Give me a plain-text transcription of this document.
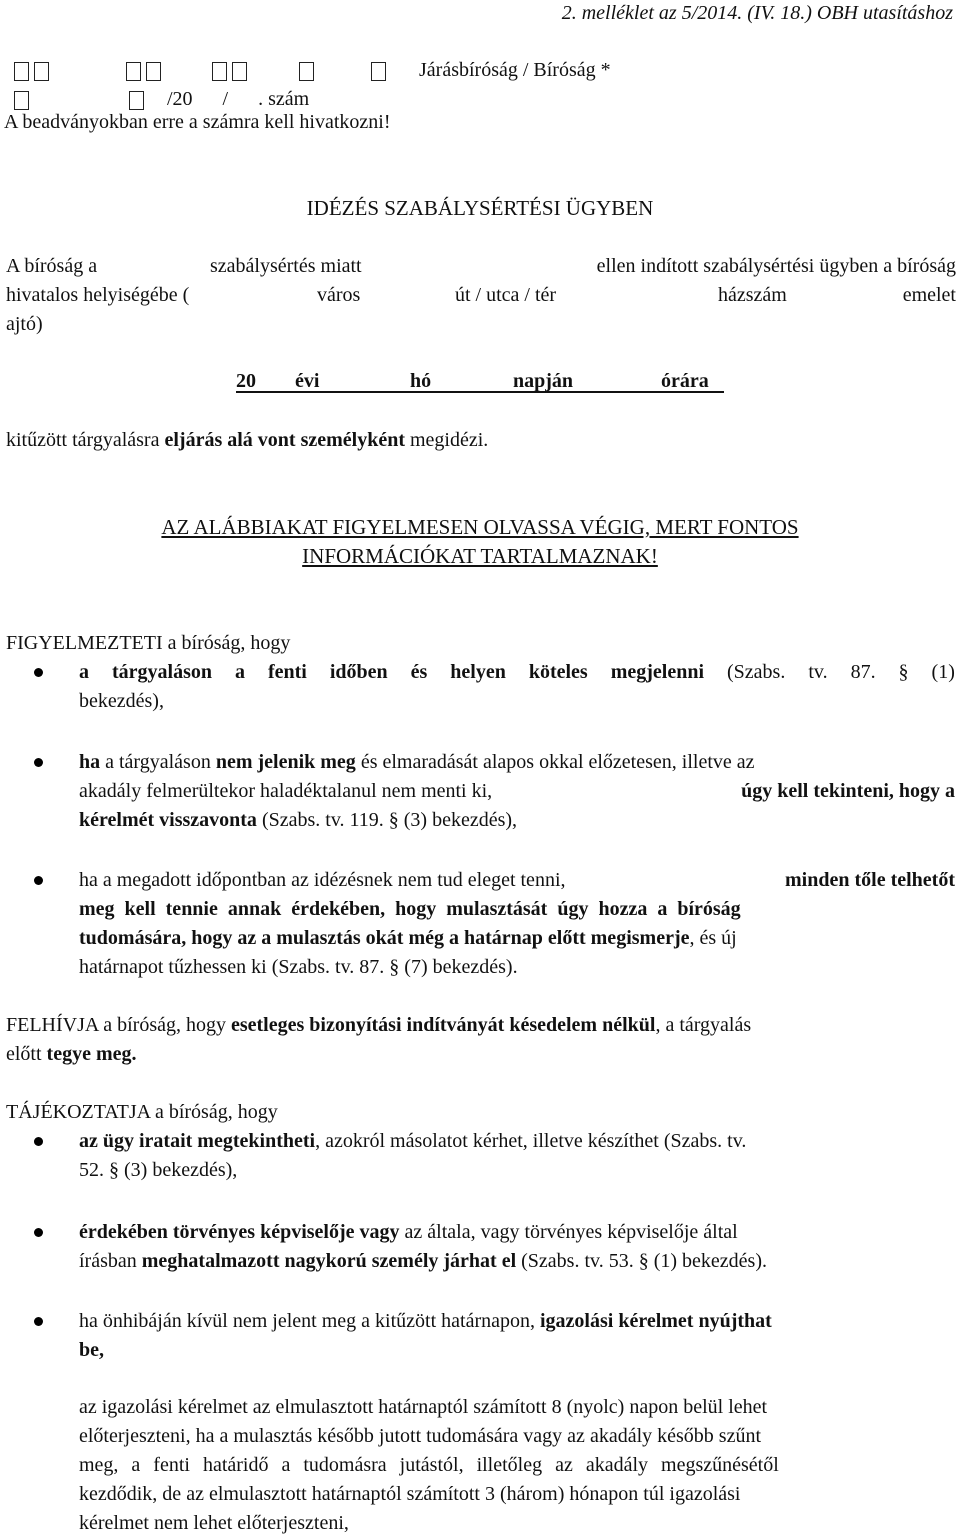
2. melléklet az 5/2014. (IV. 18.) OBH utasításhoz
Járásbíróság / Bíróság *
/20      /      . szám
A beadványokban erre a számra kell hivatkozni!
IDÉZÉS SZABÁLYSÉRTÉSI ÜGYBEN
A bíróság a	szabálysértés miatt	ellen indított szabálysértési ügyben a bíróság
hivatalos helyiségébe (	város	út / utca / tér	házszám	emelet
ajtó)
20 évi	hó	napján	órára
kitűzött tárgyalásra eljárás alá vont személyként megidézi.
AZ ALÁBBIAKAT FIGYELMESEN OLVASSA VÉGIG, MERT FONTOS
INFORMÁCIÓKAT TARTALMAZNAK!
FIGYELMEZTETI a bíróság, hogy
a tárgyaláson a fenti időben és helyen köteles megjelenni (Szabs. tv. 87. § (1)
bekezdés),
ha a tárgyaláson nem jelenik meg és elmaradását alapos okkal előzetesen, illetve az
akadály felmerültekor haladéktalanul nem menti ki,	úgy kell tekinteni, hogy a
kérelmét visszavonta (Szabs. tv. 119. § (3) bekezdés),
ha a megadott időpontban az idézésnek nem tud eleget tenni,	minden tőle telhetőt
meg kell tennie annak érdekében, hogy mulasztását úgy hozza a bíróság
tudomására, hogy az a mulasztás okát még a határnap előtt megismerje , és új
határnapot tűzhessen ki (Szabs. tv. 87. § (7) bekezdés).
FELHÍVJA a bíróság, hogy esetleges bizonyítási indítványát késedelem nélkül, a tárgyalás
előtt tegye meg.
TÁJÉKOZTATJA a bíróság, hogy
az ügy iratait megtekintheti , azokról másolatot kérhet, illetve készíthet (Szabs. tv.
52. § (3) bekezdés),
érdekében törvényes képviselője vagy az általa, vagy törvényes képviselője által
írásban meghatalmazott nagykorú személy járhat el (Szabs. tv. 53. § (1) bekezdés).
ha önhibáján kívül nem jelent meg a kitűzött határnapon, igazolási kérelmet nyújthat
be,
az igazolási kérelmet az elmulasztott határnaptól számított 8 (nyolc) napon belül lehet
előterjeszteni, ha a mulasztás később jutott tudomására vagy az akadály később szűnt
meg, a fenti határidő a tudomásra jutástól, illetőleg az akadály megszűnésétől
kezdődik, de az elmulasztott határnaptól számított 3 (három) hónapon túl igazolási
kérelmet nem lehet előterjeszteni,
